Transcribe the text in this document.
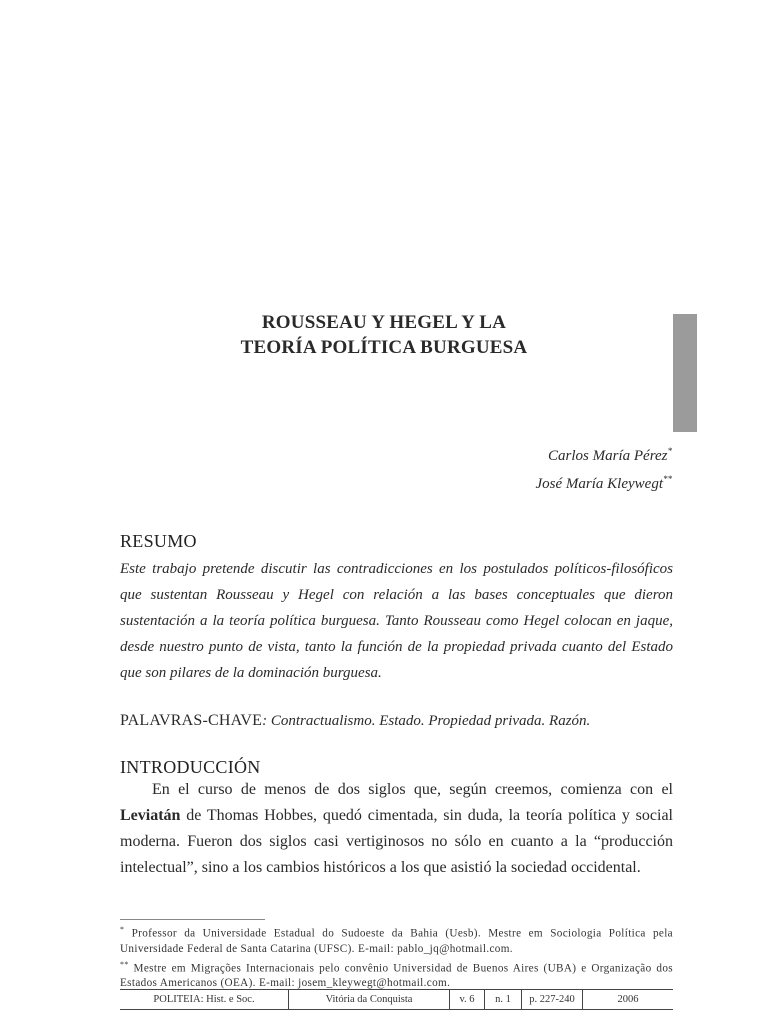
ROUSSEAU Y HEGEL Y LA
TEORÍA POLÍTICA BURGUESA
Carlos María Pérez*
José María Kleywegt**
RESUMO
Este trabajo pretende discutir las contradicciones en los postulados políticos-filosóficos que sustentan Rousseau y Hegel con relación a las bases conceptuales que dieron sustentación a la teoría política burguesa. Tanto Rousseau como Hegel colocan en jaque, desde nuestro punto de vista, tanto la función de la propiedad privada cuanto del Estado que son pilares de la dominación burguesa.
PALAVRAS-CHAVE: Contractualismo. Estado. Propiedad privada. Razón.
INTRODUCCIÓN
En el curso de menos de dos siglos que, según creemos, comienza con el Leviatán de Thomas Hobbes, quedó cimentada, sin duda, la teoría política y social moderna. Fueron dos siglos casi vertiginosos no sólo en cuanto a la “producción intelectual”, sino a los cambios históricos a los que asistió la sociedad occidental.
* Professor da Universidade Estadual do Sudoeste da Bahia (Uesb). Mestre em Sociologia Política pela Universidade Federal de Santa Catarina (UFSC). E-mail: pablo_jq@hotmail.com.
** Mestre em Migrações Internacionais pelo convênio Universidad de Buenos Aires (UBA) e Organização dos Estados Americanos (OEA). E-mail: josem_kleywegt@hotmail.com.
POLITEIA: Hist. e Soc.	Vitória da Conquista	v. 6	n. 1	p. 227-240	2006
